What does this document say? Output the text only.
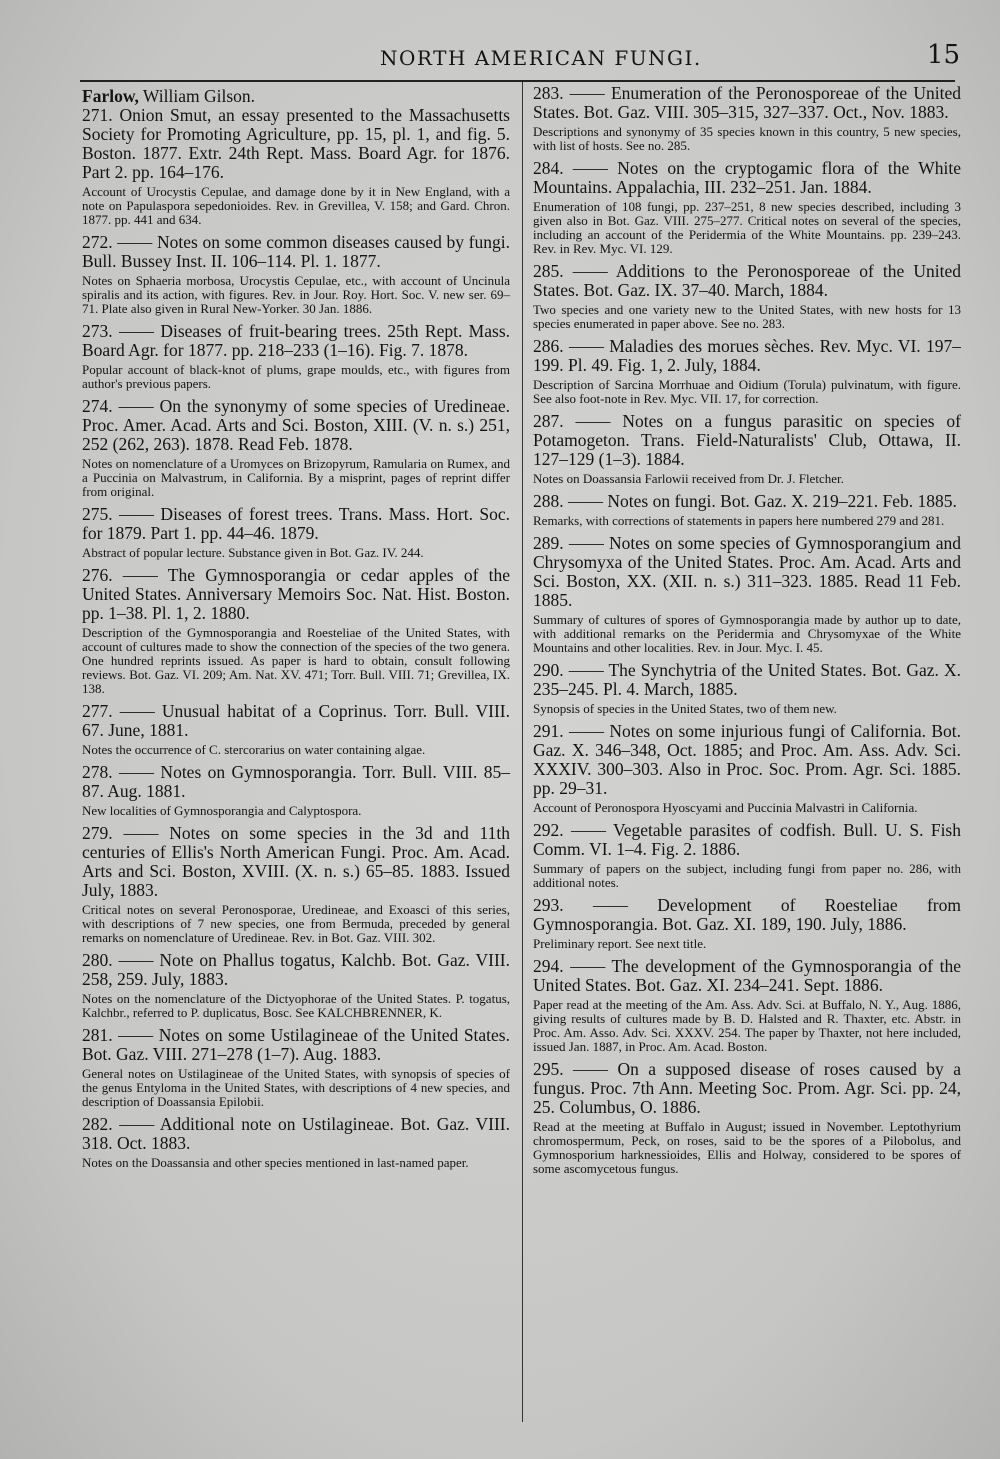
NORTH AMERICAN FUNGI.	15

Farlow, William Gilson.

271. Onion Smut, an essay presented to the Massachusetts Society for Promoting Agriculture, pp. 15, pl. 1, and fig. 5. Boston. 1877. Extr. 24th Rept. Mass. Board Agr. for 1876. Part 2. pp. 164–176.

Account of Urocystis Cepulae, and damage done by it in New England, with a note on Papulaspora sepedonioides. Rev. in Grevillea, V. 158; and Gard. Chron. 1877. pp. 441 and 634.

272. —— Notes on some common diseases caused by fungi. Bull. Bussey Inst. II. 106–114. Pl. 1. 1877.

Notes on Sphaeria morbosa, Urocystis Cepulae, etc., with account of Uncinula spiralis and its action, with figures. Rev. in Jour. Roy. Hort. Soc. V. new ser. 69–71. Plate also given in Rural New-Yorker. 30 Jan. 1886.

273. —— Diseases of fruit-bearing trees. 25th Rept. Mass. Board Agr. for 1877. pp. 218–233 (1–16). Fig. 7. 1878.

Popular account of black-knot of plums, grape moulds, etc., with figures from author's previous papers.

274. —— On the synonymy of some species of Uredineae. Proc. Amer. Acad. Arts and Sci. Boston, XIII. (V. n. s.) 251, 252 (262, 263). 1878. Read Feb. 1878.

Notes on nomenclature of a Uromyces on Brizopyrum, Ramularia on Rumex, and a Puccinia on Malvastrum, in California. By a misprint, pages of reprint differ from original.

275. —— Diseases of forest trees. Trans. Mass. Hort. Soc. for 1879. Part 1. pp. 44–46. 1879.

Abstract of popular lecture. Substance given in Bot. Gaz. IV. 244.

276. —— The Gymnosporangia or cedar apples of the United States. Anniversary Memoirs Soc. Nat. Hist. Boston. pp. 1–38. Pl. 1, 2. 1880.

Description of the Gymnosporangia and Roesteliae of the United States, with account of cultures made to show the connection of the species of the two genera. One hundred reprints issued. As paper is hard to obtain, consult following reviews. Bot. Gaz. VI. 209; Am. Nat. XV. 471; Torr. Bull. VIII. 71; Grevillea, IX. 138.

277. —— Unusual habitat of a Coprinus. Torr. Bull. VIII. 67. June, 1881.

Notes the occurrence of C. stercorarius on water containing algae.

278. —— Notes on Gymnosporangia. Torr. Bull. VIII. 85–87. Aug. 1881.

New localities of Gymnosporangia and Calyptospora.

279. —— Notes on some species in the 3d and 11th centuries of Ellis's North American Fungi. Proc. Am. Acad. Arts and Sci. Boston, XVIII. (X. n. s.) 65–85. 1883. Issued July, 1883.

Critical notes on several Peronosporae, Uredineae, and Exoasci of this series, with descriptions of 7 new species, one from Bermuda, preceded by general remarks on nomenclature of Uredineae. Rev. in Bot. Gaz. VIII. 302.

280. —— Note on Phallus togatus, Kalchb. Bot. Gaz. VIII. 258, 259. July, 1883.

Notes on the nomenclature of the Dictyophorae of the United States. P. togatus, Kalchbr., referred to P. duplicatus, Bosc. See KALCHBRENNER, K.

281. —— Notes on some Ustilagineae of the United States. Bot. Gaz. VIII. 271–278 (1–7). Aug. 1883.

General notes on Ustilagineae of the United States, with synopsis of species of the genus Entyloma in the United States, with descriptions of 4 new species, and description of Doassansia Epilobii.

282. —— Additional note on Ustilagineae. Bot. Gaz. VIII. 318. Oct. 1883.

Notes on the Doassansia and other species mentioned in last-named paper.

283. —— Enumeration of the Peronosporeae of the United States. Bot. Gaz. VIII. 305–315, 327–337. Oct., Nov. 1883.

Descriptions and synonymy of 35 species known in this country, 5 new species, with list of hosts. See no. 285.

284. —— Notes on the cryptogamic flora of the White Mountains. Appalachia, III. 232–251. Jan. 1884.

Enumeration of 108 fungi, pp. 237–251, 8 new species described, including 3 given also in Bot. Gaz. VIII. 275–277. Critical notes on several of the species, including an account of the Peridermia of the White Mountains. pp. 239–243. Rev. in Rev. Myc. VI. 129.

285. —— Additions to the Peronosporeae of the United States. Bot. Gaz. IX. 37–40. March, 1884.

Two species and one variety new to the United States, with new hosts for 13 species enumerated in paper above. See no. 283.

286. —— Maladies des morues sèches. Rev. Myc. VI. 197–199. Pl. 49. Fig. 1, 2. July, 1884.

Description of Sarcina Morrhuae and Oidium (Torula) pulvinatum, with figure. See also foot-note in Rev. Myc. VII. 17, for correction.

287. —— Notes on a fungus parasitic on species of Potamogeton. Trans. Field-Naturalists' Club, Ottawa, II. 127–129 (1–3). 1884.

Notes on Doassansia Farlowii received from Dr. J. Fletcher.

288. —— Notes on fungi. Bot. Gaz. X. 219–221. Feb. 1885.

Remarks, with corrections of statements in papers here numbered 279 and 281.

289. —— Notes on some species of Gymnosporangium and Chrysomyxa of the United States. Proc. Am. Acad. Arts and Sci. Boston, XX. (XII. n. s.) 311–323. 1885. Read 11 Feb. 1885.

Summary of cultures of spores of Gymnosporangia made by author up to date, with additional remarks on the Peridermia and Chrysomyxae of the White Mountains and other localities. Rev. in Jour. Myc. I. 45.

290. —— The Synchytria of the United States. Bot. Gaz. X. 235–245. Pl. 4. March, 1885.

Synopsis of species in the United States, two of them new.

291. —— Notes on some injurious fungi of California. Bot. Gaz. X. 346–348, Oct. 1885; and Proc. Am. Ass. Adv. Sci. XXXIV. 300–303. Also in Proc. Soc. Prom. Agr. Sci. 1885. pp. 29–31.

Account of Peronospora Hyoscyami and Puccinia Malvastri in California.

292. —— Vegetable parasites of codfish. Bull. U. S. Fish Comm. VI. 1–4. Fig. 2. 1886.

Summary of papers on the subject, including fungi from paper no. 286, with additional notes.

293. —— Development of Roesteliae from Gymnosporangia. Bot. Gaz. XI. 189, 190. July, 1886.

Preliminary report. See next title.

294. —— The development of the Gymnosporangia of the United States. Bot. Gaz. XI. 234–241. Sept. 1886.

Paper read at the meeting of the Am. Ass. Adv. Sci. at Buffalo, N. Y., Aug. 1886, giving results of cultures made by B. D. Halsted and R. Thaxter, etc. Abstr. in Proc. Am. Asso. Adv. Sci. XXXV. 254. The paper by Thaxter, not here included, issued Jan. 1887, in Proc. Am. Acad. Boston.

295. —— On a supposed disease of roses caused by a fungus. Proc. 7th Ann. Meeting Soc. Prom. Agr. Sci. pp. 24, 25. Columbus, O. 1886.

Read at the meeting at Buffalo in August; issued in November. Leptothyrium chromospermum, Peck, on roses, said to be the spores of a Pilobolus, and Gymnosporium harknessioides, Ellis and Holway, considered to be spores of some ascomycetous fungus.
